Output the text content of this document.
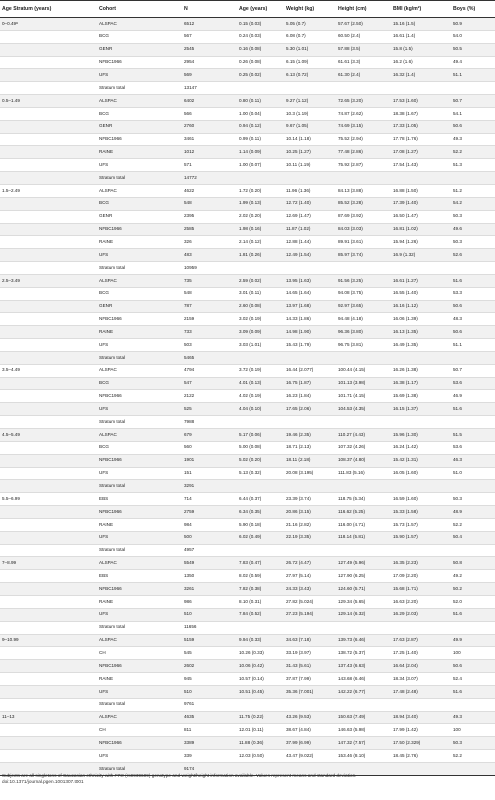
Age Stratum (years)	Cohort	N	Age (years)	Weight (kg)	Height (cm)	BMI (kg/m²)	Boys (%)
0–0.49ᵃ	ALSPAC	6512	0.15 (0.03)	5.05 (0.7)	57.67 (2.50)	15.16 (1.5)	50.9
	BCG	567	0.24 (0.03)	6.08 (0.7)	60.50 (2.4)	16.61 (1.4)	54.0
	GENR	2545	0.16 (0.08)	5.30 (1.01)	57.88 (3.5)	15.8 (1.5)	50.5
	NFBC1966	2954	0.26 (0.08)	6.15 (1.09)	61.61 (3.3)	16.2 (1.6)	49.4
	UFS	569	0.25 (0.02)	6.13 (0.72)	61.30 (2.4)	16.32 (1.4)	51.1
	Stratum total	13147					
0.5–1.49	ALSPAC	6402	0.80 (0.11)	9.27 (1.12)	72.65 (3.20)	17.53 (1.60)	50.7
	BCG	566	1.00 (0.04)	10.3 (1.19)	74.87 (2.62)	18.38 (1.67)	54.1
	GENR	2760	0.94 (0.12)	9.67 (1.05)	74.69 (3.15)	17.33 (1.05)	50.6
	NFBC1966	3461	0.99 (0.11)	10.14 (1.18)	75.52 (2.94)	17.78 (1.76)	49.3
	RAINE	1012	1.14 (0.09)	10.25 (1.27)	77.48 (2.86)	17.08 (1.27)	52.2
	UFS	571	1.00 (0.07)	10.11 (1.19)	75.92 (2.87)	17.54 (1.43)	51.3
	Stratum total	14772					
1.5–2.49	ALSPAC	4622	1.72 (0.20)	11.96 (1.36)	84.13 (3.88)	16.88 (1.50)	51.2
	BCG	548	1.99 (0.13)	12.72 (1.40)	85.52 (3.28)	17.39 (1.40)	54.2
	GENR	2395	2.02 (0.20)	12.69 (1.47)	87.69 (3.92)	16.50 (1.47)	50.3
	NFBC1966	2585	1.98 (0.16)	11.87 (1.02)	84.03 (3.03)	16.81 (1.02)	49.6
	RAINE	326	2.14 (0.12)	12.88 (1.44)	89.91 (3.61)	15.94 (1.26)	50.3
	UFS	483	1.81 (0.26)	12.49 (1.54)	85.97 (3.74)	16.9 (1.32)	52.6
	Stratum total	10959					
2.5–3.49	ALSPAC	735	2.59 (0.02)	13.95 (1.63)	91.56 (3.25)	16.61 (1.27)	51.6
	BCG	548	3.01 (0.11)	14.65 (1.64)	94.08 (3.75)	16.55 (1.40)	53.3
	GENR	787	2.60 (0.08)	13.97 (1.68)	92.97 (3.65)	16.16 (1.12)	50.6
	NFBC1966	2159	3.02 (0.19)	14.33 (1.86)	94.48 (4.18)	16.06 (1.39)	48.3
	RAINE	733	3.09 (0.09)	14.98 (1.90)	96.36 (3.80)	16.13 (1.35)	50.6
	UFS	503	3.03 (1.01)	15.43 (1.79)	96.75 (3.81)	16.49 (1.35)	51.1
	Stratum total	5465					
3.5–4.49	ALSPAC	4794	3.72 (0.19)	16.44 (2.077)	100.44 (4.15)	16.26 (1.38)	50.7
	BCG	547	4.01 (0.13)	16.75 (1.87)	101.13 (3.98)	16.38 (1.17)	53.6
	NFBC1966	2122	4.02 (0.19)	16.23 (1.84)	101.71 (4.15)	15.69 (1.38)	46.9
	UFS	525	4.04 (0.10)	17.65 (2.06)	104.53 (4.35)	16.15 (1.37)	51.6
	Stratum total	7988					
4.5–5.49	ALSPAC	679	5.17 (0.06)	19.46 (2.35)	110.27 (4.43)	15.96 (1.30)	51.5
	BCG	560	5.00 (0.08)	18.71 (2.13)	107.32 (4.26)	16.24 (1.42)	53.6
	NFBC1966	1901	5.02 (0.20)	18.11 (2.18)	108.37 (4.80)	15.42 (1.31)	46.3
	UFS	151	5.13 (0.32)	20.08 (3.195)	111.83 (5.16)	16.05 (1.60)	51.0
	Stratum total	3291					
5.5–6.99	EBS	714	6.44 (0.37)	23.39 (3.74)	118.75 (5.34)	16.59 (1.60)	50.3
	NFBC1966	2759	6.34 (0.35)	20.86 (3.15)	116.62 (5.25)	15.33 (1.58)	48.9
	RAINE	984	5.90 (0.18)	21.16 (2.82)	116.00 (4.71)	15.73 (1.57)	52.2
	UFS	500	6.02 (0.49)	22.19 (3.35)	118.14 (5.81)	15.90 (1.57)	50.4
	Stratum total	4957					
7–8.99	ALSPAC	5549	7.83 (0.47)	26.72 (4.47)	127.49 (5.96)	16.35 (2.23)	50.8
	EBS	1350	8.02 (0.59)	27.97 (5.14)	127.90 (6.25)	17.09 (2.20)	49.2
	NFBC1966	3261	7.82 (0.38)	24.33 (3.43)	124.60 (5.71)	15.68 (1.71)	50.2
	RAINE	986	8.10 (0.31)	27.82 (5.024)	129.34 (5.65)	16.63 (2.20)	52.0
	UFS	510	7.84 (0.52)	27.23 (5.194)	129.14 (6.32)	16.29 (2.03)	51.6
	Stratum total	11656					
9–10.99	ALSPAC	5159	9.94 (0.33)	34.63 (7.18)	139.73 (6.46)	17.63 (2.87)	49.9
	CH	545	10.26 (0.33)	33.19 (3.97)	138.72 (5.37)	17.25 (1.40)	100
	NFBC1966	2602	10.06 (0.42)	31.43 (5.61)	137.43 (6.63)	16.64 (2.04)	50.6
	RAINE	945	10.57 (0.14)	37.87 (7.99)	143.68 (6.46)	18.34 (3.07)	52.4
	UFS	510	10.51 (0.45)	35.36 (7.001)	142.22 (6.77)	17.48 (2.48)	51.6
	Stratum total	9761					
11–13	ALSPAC	4635	11.75 (0.22)	43.26 (9.53)	150.63 (7.49)	18.94 (3.40)	49.3
	CH	811	12.01 (0.11)	38.67 (4.84)	146.63 (5.98)	17.99 (1.42)	100
	NFBC1966	3389	11.88 (0.36)	37.99 (6.99)	147.32 (7.57)	17.50 (2.329)	50.3
	UFS	339	12.03 (0.50)	43.47 (9.022)	153.46 (8.10)	18.45 (2.76)	52.2
	Stratum total	9174					
Subjects are all singletons of Caucasian ethnicity with FTO (rs9939609) genotype and weight/height information available. Values represent means and standard deviation.
doi:10.1371/journal.pgen.1001307.t001
